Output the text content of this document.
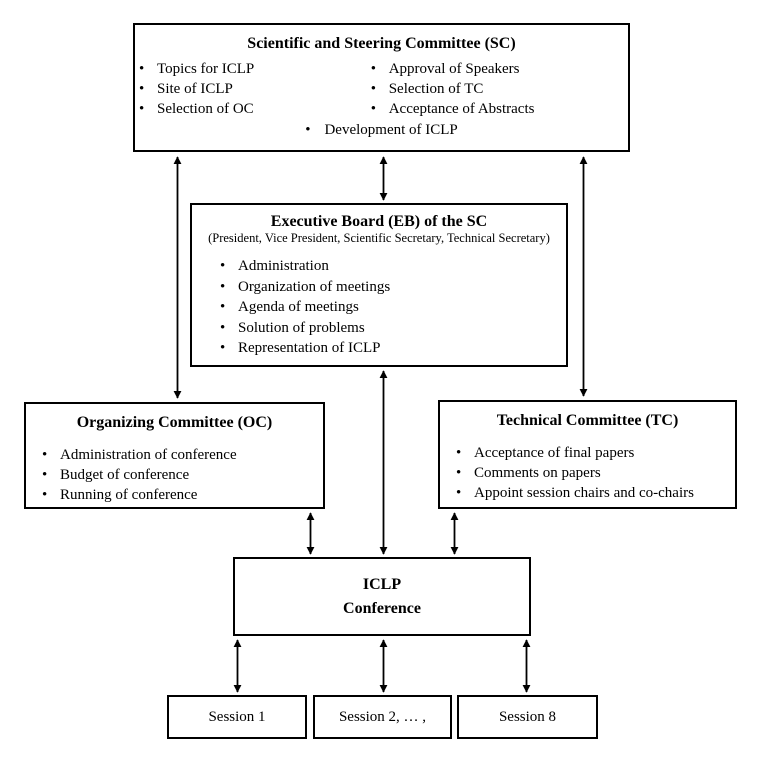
Scientific and Steering Committee (SC)
• Topics for ICLP
• Site of ICLP
• Selection of OC
• Approval of Speakers
• Selection of TC
• Acceptance of Abstracts
• Development of ICLP
Executive Board (EB) of the SC
(President, Vice President, Scientific Secretary, Technical Secretary)
• Administration
• Organization of meetings
• Agenda of meetings
• Solution of problems
• Representation of ICLP
Organizing Committee (OC)
• Administration of conference
• Budget of conference
• Running of conference
Technical Committee (TC)
• Acceptance of final papers
• Comments on papers
• Appoint session chairs and co-chairs
ICLP
Conference
Session 1	Session 2, … ,	Session 8
